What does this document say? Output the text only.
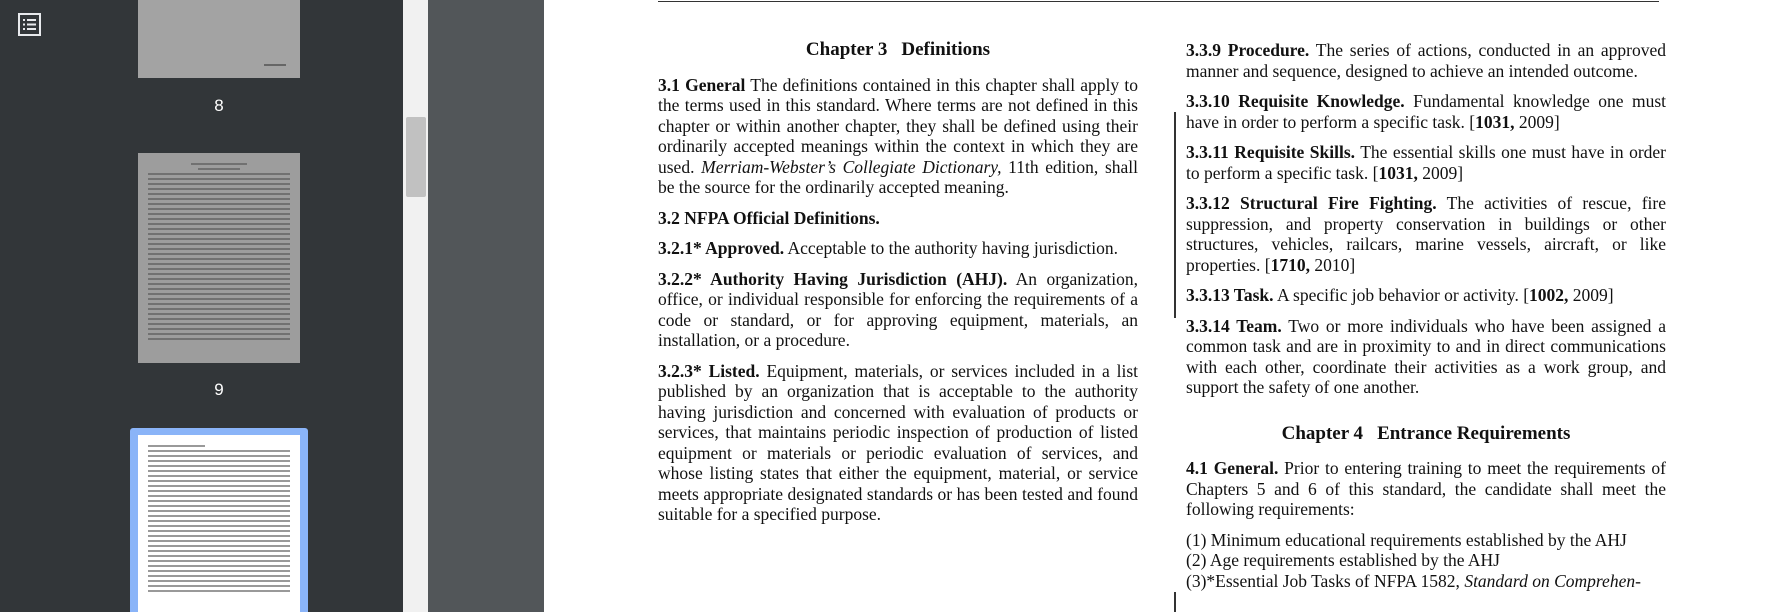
8
9

Chapter 3 Definitions

3.1 General The definitions contained in this chapter shall apply to the terms used in this standard. Where terms are not defined in this chapter or within another chapter, they shall be defined using their ordinarily accepted meanings within the context in which they are used. Merriam-Webster’s Collegiate Dictionary, 11th edition, shall be the source for the ordinarily accepted meaning.

3.2 NFPA Official Definitions.

3.2.1* Approved. Acceptable to the authority having jurisdiction.

3.2.2* Authority Having Jurisdiction (AHJ). An organization, office, or individual responsible for enforcing the requirements of a code or standard, or for approving equipment, materials, an installation, or a procedure.

3.2.3* Listed. Equipment, materials, or services included in a list published by an organization that is acceptable to the authority having jurisdiction and concerned with evaluation of products or services, that maintains periodic inspection of production of listed equipment or materials or periodic evaluation of services, and whose listing states that either the equipment, material, or service meets appropriate designated standards or has been tested and found suitable for a specified purpose.

3.3.9 Procedure. The series of actions, conducted in an approved manner and sequence, designed to achieve an intended outcome.

3.3.10 Requisite Knowledge. Fundamental knowledge one must have in order to perform a specific task. [1031, 2009]

3.3.11 Requisite Skills. The essential skills one must have in order to perform a specific task. [1031, 2009]

3.3.12 Structural Fire Fighting. The activities of rescue, fire suppression, and property conservation in buildings or other structures, vehicles, railcars, marine vessels, aircraft, or like properties. [1710, 2010]

3.3.13 Task. A specific job behavior or activity. [1002, 2009]

3.3.14 Team. Two or more individuals who have been assigned a common task and are in proximity to and in direct communications with each other, coordinate their activities as a work group, and support the safety of one another.

Chapter 4 Entrance Requirements

4.1 General. Prior to entering training to meet the requirements of Chapters 5 and 6 of this standard, the candidate shall meet the following requirements:

(1) Minimum educational requirements established by the AHJ

(2) Age requirements established by the AHJ

(3)*Essential Job Tasks of NFPA 1582, Standard on Comprehen-
